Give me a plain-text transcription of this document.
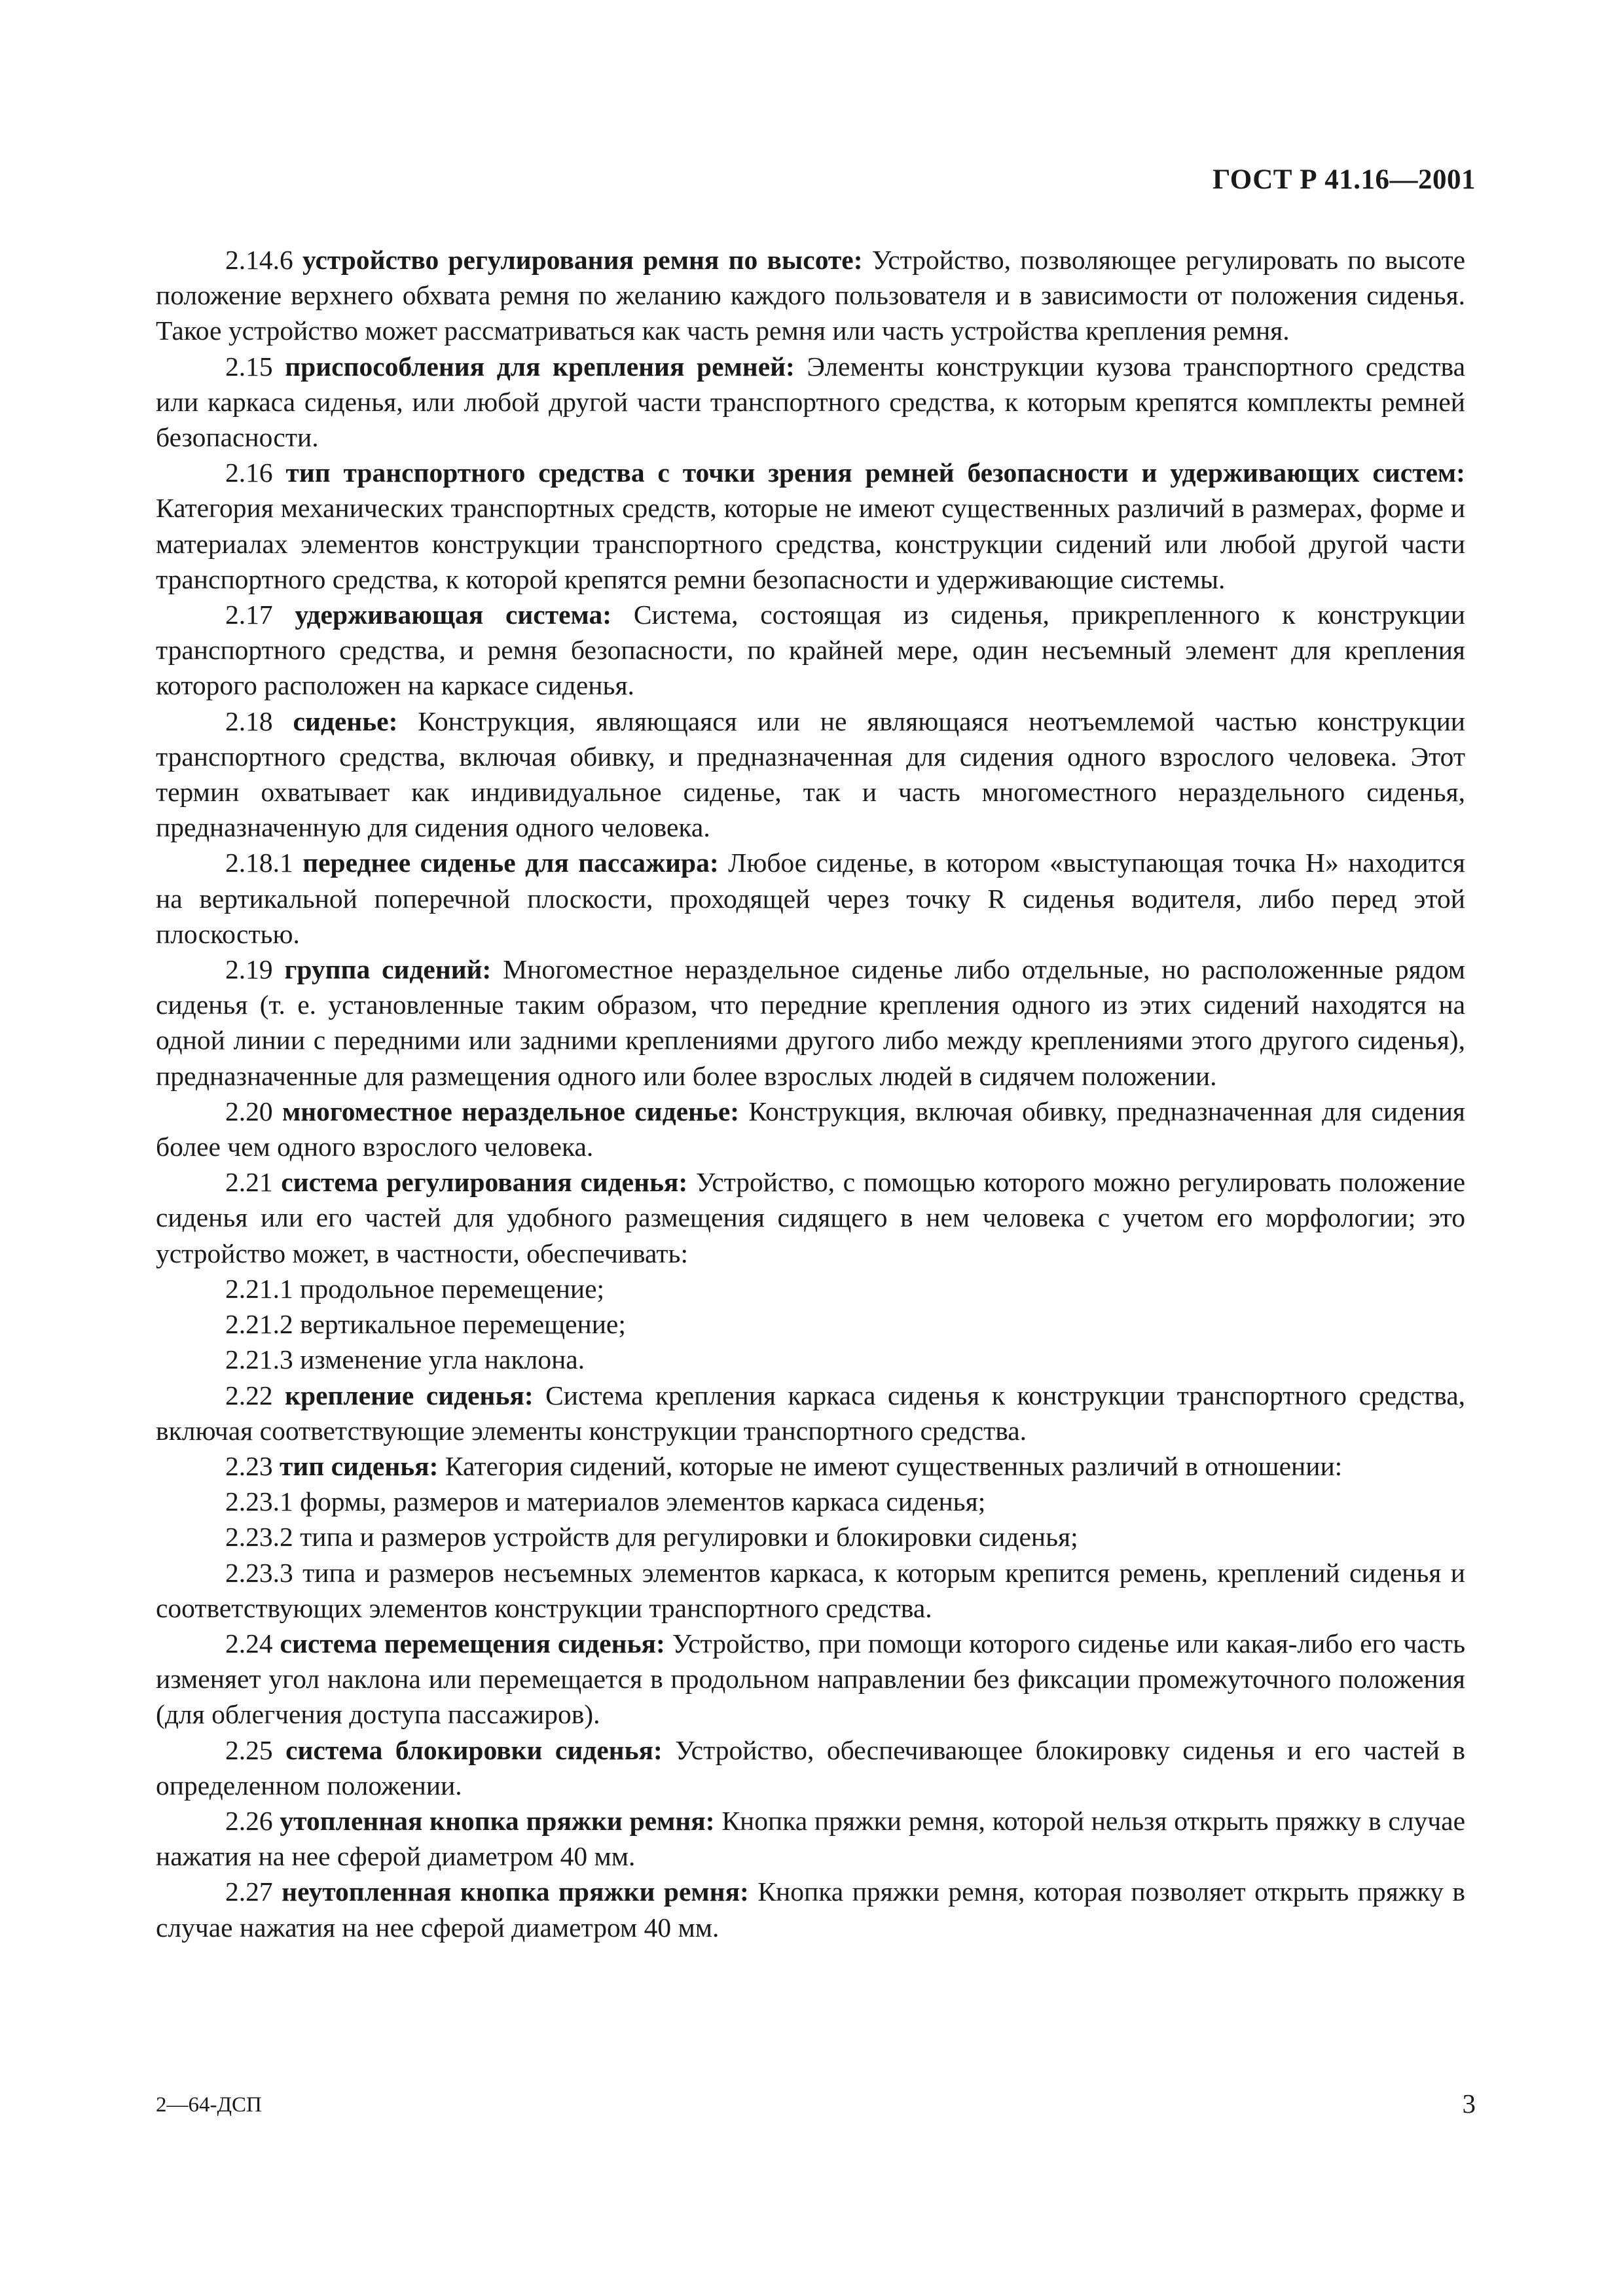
ГОСТ Р 41.16—2001

2.14.6 устройство регулирования ремня по высоте: Устройство, позволяющее регулировать по высоте положение верхнего обхвата ремня по желанию каждого пользователя и в зависимости от положения сиденья. Такое устройство может рассматриваться как часть ремня или часть устройства крепления ремня.

2.15 приспособления для крепления ремней: Элементы конструкции кузова транспортного средства или каркаса сиденья, или любой другой части транспортного средства, к которым крепятся комплекты ремней безопасности.

2.16 тип транспортного средства с точки зрения ремней безопасности и удерживающих систем: Категория механических транспортных средств, которые не имеют существенных различий в размерах, форме и материалах элементов конструкции транспортного средства, конструкции сидений или любой другой части транспортного средства, к которой крепятся ремни безопасности и удерживающие системы.

2.17 удерживающая система: Система, состоящая из сиденья, прикрепленного к конструкции транспортного средства, и ремня безопасности, по крайней мере, один несъемный элемент для крепления которого расположен на каркасе сиденья.

2.18 сиденье: Конструкция, являющаяся или не являющаяся неотъемлемой частью конструкции транспортного средства, включая обивку, и предназначенная для сидения одного взрослого человека. Этот термин охватывает как индивидуальное сиденье, так и часть многоместного нераздельного сиденья, предназначенную для сидения одного человека.

2.18.1 переднее сиденье для пассажира: Любое сиденье, в котором «выступающая точка H» находится на вертикальной поперечной плоскости, проходящей через точку R сиденья водителя, либо перед этой плоскостью.

2.19 группа сидений: Многоместное нераздельное сиденье либо отдельные, но расположенные рядом сиденья (т. е. установленные таким образом, что передние крепления одного из этих сидений находятся на одной линии с передними или задними креплениями другого либо между креплениями этого другого сиденья), предназначенные для размещения одного или более взрослых людей в сидячем положении.

2.20 многоместное нераздельное сиденье: Конструкция, включая обивку, предназначенная для сидения более чем одного взрослого человека.

2.21 система регулирования сиденья: Устройство, с помощью которого можно регулировать положение сиденья или его частей для удобного размещения сидящего в нем человека с учетом его морфологии; это устройство может, в частности, обеспечивать:

2.21.1 продольное перемещение;

2.21.2 вертикальное перемещение;

2.21.3 изменение угла наклона.

2.22 крепление сиденья: Система крепления каркаса сиденья к конструкции транспортного средства, включая соответствующие элементы конструкции транспортного средства.

2.23 тип сиденья: Категория сидений, которые не имеют существенных различий в отношении:

2.23.1 формы, размеров и материалов элементов каркаса сиденья;

2.23.2 типа и размеров устройств для регулировки и блокировки сиденья;

2.23.3 типа и размеров несъемных элементов каркаса, к которым крепится ремень, креплений сиденья и соответствующих элементов конструкции транспортного средства.

2.24 система перемещения сиденья: Устройство, при помощи которого сиденье или какая-либо его часть изменяет угол наклона или перемещается в продольном направлении без фиксации промежуточного положения (для облегчения доступа пассажиров).

2.25 система блокировки сиденья: Устройство, обеспечивающее блокировку сиденья и его частей в определенном положении.

2.26 утопленная кнопка пряжки ремня: Кнопка пряжки ремня, которой нельзя открыть пряжку в случае нажатия на нее сферой диаметром 40 мм.

2.27 неутопленная кнопка пряжки ремня: Кнопка пряжки ремня, которая позволяет открыть пряжку в случае нажатия на нее сферой диаметром 40 мм.

2—64-ДСП	3
